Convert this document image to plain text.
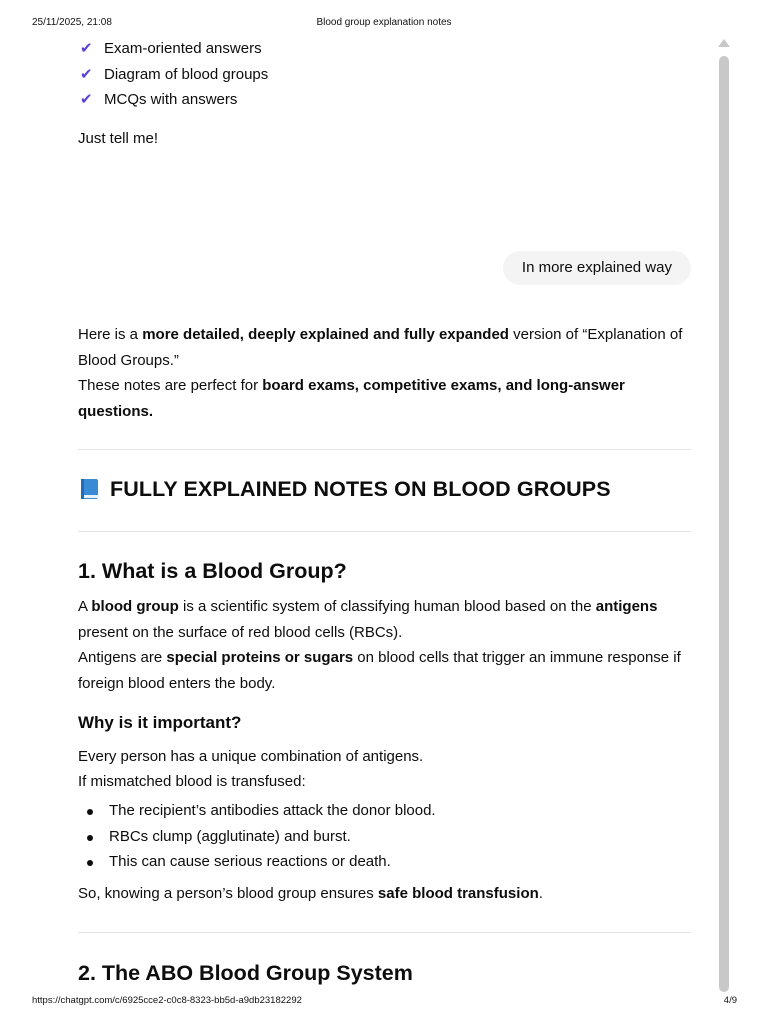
25/11/2025, 21:08	Blood group explanation notes
https://chatgpt.com/c/6925cce2-c0c8-8323-bb5d-a9db23182292	4/9
✔ Exam-oriented answers
✔ Diagram of blood groups
✔ MCQs with answers

Just tell me!

In more explained way

Here is a more detailed, deeply explained and fully expanded version of “Explanation of Blood Groups.”

These notes are perfect for board exams, competitive exams, and long-answer questions.

FULLY EXPLAINED NOTES ON BLOOD GROUPS
1. What is a Blood Group?

A blood group is a scientific system of classifying human blood based on the antigens present on the surface of red blood cells (RBCs).

Antigens are special proteins or sugars on blood cells that trigger an immune response if foreign blood enters the body.

Why is it important?

Every person has a unique combination of antigens.

If mismatched blood is transfused:

The recipient’s antibodies attack the donor blood.
RBCs clump (agglutinate) and burst.
This can cause serious reactions or death.

So, knowing a person’s blood group ensures safe blood transfusion.

2. The ABO Blood Group System
